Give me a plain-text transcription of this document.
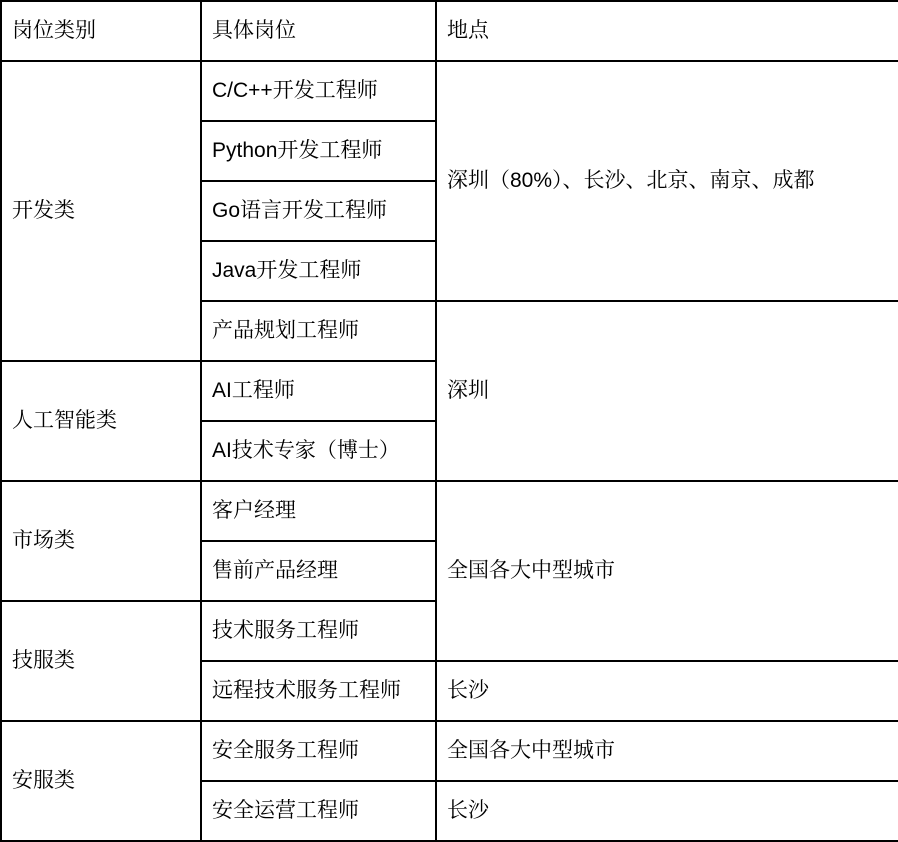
岗位类别	具体岗位	地点
开发类	C/C++开发工程师	深圳（80%）、长沙、北京、南京、成都
	Python开发工程师	
	Go语言开发工程师	
	Java开发工程师	
	产品规划工程师	深圳
人工智能类	AI工程师	
	AI技术专家（博士）	
市场类	客户经理	全国各大中型城市
	售前产品经理	
技服类	技术服务工程师	
	远程技术服务工程师	长沙
安服类	安全服务工程师	全国各大中型城市
	安全运营工程师	长沙
